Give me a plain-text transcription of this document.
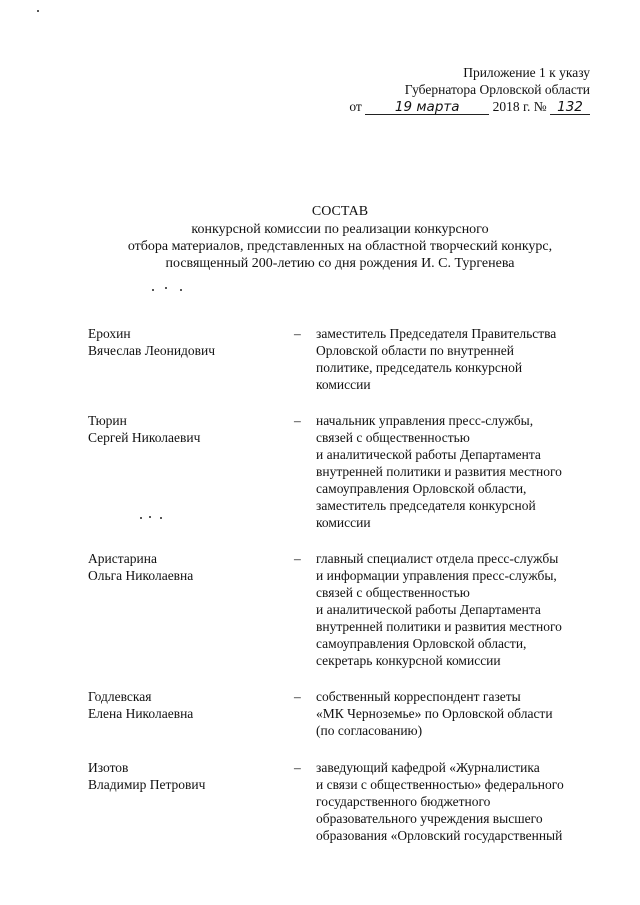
Приложение 1 к указу
Губернатора Орловской области
от 19 марта 2018 г. № 132
СОСТАВ
конкурсной комиссии по реализации конкурсного
отбора материалов, представленных на областной творческий конкурс,
посвященный 200-летию со дня рождения И. С. Тургенева
Ерохин
Вячеслав Леонидович
– заместитель Председателя Правительства
Орловской области по внутренней
политике, председатель конкурсной
комиссии
Тюрин
Сергей Николаевич
– начальник управления пресс-службы,
связей с общественностью
и аналитической работы Департамента
внутренней политики и развития местного
самоуправления Орловской области,
заместитель председателя конкурсной
комиссии
Аристарина
Ольга Николаевна
– главный специалист отдела пресс-службы
и информации управления пресс-службы,
связей с общественностью
и аналитической работы Департамента
внутренней политики и развития местного
самоуправления Орловской области,
секретарь конкурсной комиссии
Годлевская
Елена Николаевна
– собственный корреспондент газеты
«МК Черноземье» по Орловской области
(по согласованию)
Изотов
Владимир Петрович
– заведующий кафедрой «Журналистика
и связи с общественностью» федерального
государственного бюджетного
образовательного учреждения высшего
образования «Орловский государственный
